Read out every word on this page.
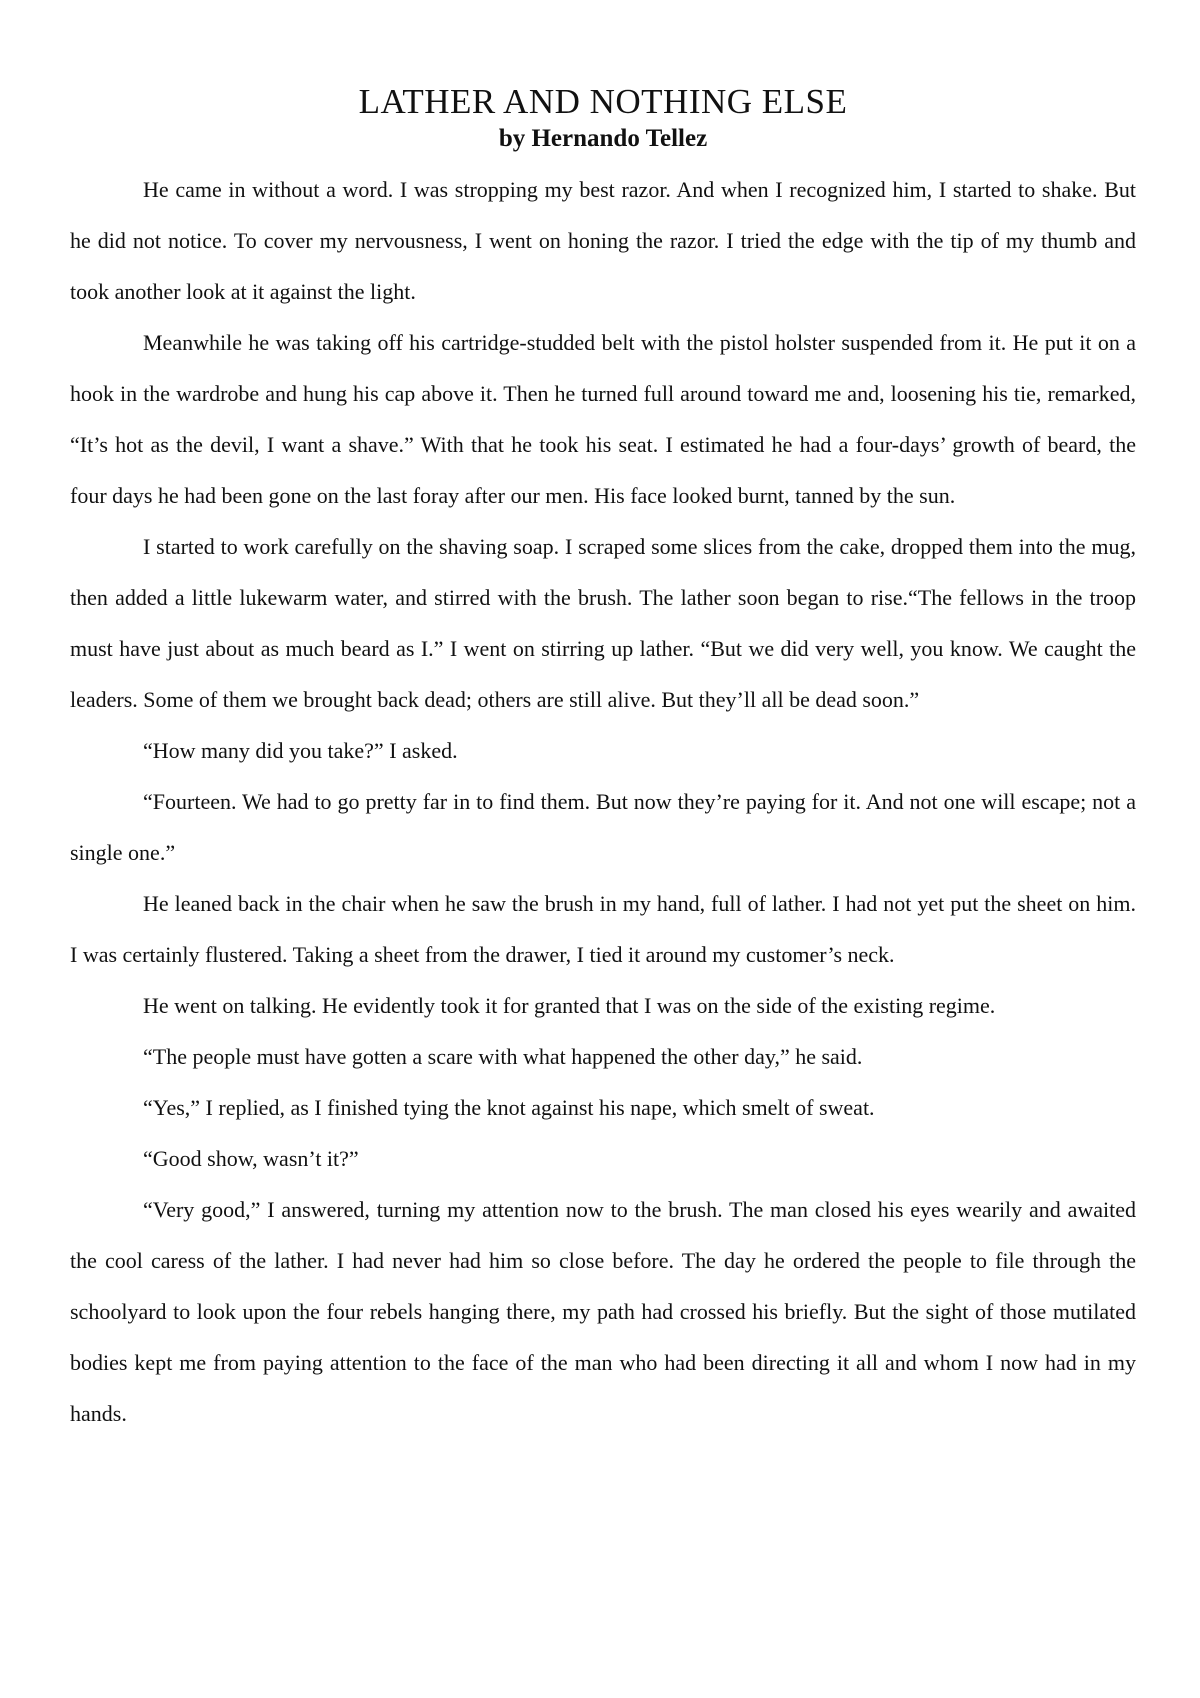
LATHER AND NOTHING ELSE
by Hernando Tellez

He came in without a word. I was stropping my best razor. And when I recognized him, I started to shake. But he did not notice. To cover my nervousness, I went on honing the razor. I tried the edge with the tip of my thumb and took another look at it against the light.

Meanwhile he was taking off his cartridge-studded belt with the pistol holster suspended from it. He put it on a hook in the wardrobe and hung his cap above it. Then he turned full around toward me and, loosening his tie, remarked, “It’s hot as the devil, I want a shave.” With that he took his seat. I estimated he had a four-days’ growth of beard, the four days he had been gone on the last foray after our men. His face looked burnt, tanned by the sun.

I started to work carefully on the shaving soap. I scraped some slices from the cake, dropped them into the mug, then added a little lukewarm water, and stirred with the brush. The lather soon began to rise.“The fellows in the troop must have just about as much beard as I.” I went on stirring up lather. “But we did very well, you know. We caught the leaders. Some of them we brought back dead; others are still alive. But they’ll all be dead soon.”

“How many did you take?” I asked.

“Fourteen. We had to go pretty far in to find them. But now they’re paying for it. And not one will escape; not a single one.”

He leaned back in the chair when he saw the brush in my hand, full of lather. I had not yet put the sheet on him. I was certainly flustered. Taking a sheet from the drawer, I tied it around my customer’s neck.

He went on talking. He evidently took it for granted that I was on the side of the existing regime.

“The people must have gotten a scare with what happened the other day,” he said.

“Yes,” I replied, as I finished tying the knot against his nape, which smelt of sweat.

“Good show, wasn’t it?”

“Very good,” I answered, turning my attention now to the brush. The man closed his eyes wearily and awaited the cool caress of the lather. I had never had him so close before. The day he ordered the people to file through the schoolyard to look upon the four rebels hanging there, my path had crossed his briefly. But the sight of those mutilated bodies kept me from paying attention to the face of the man who had been directing it all and whom I now had in my hands.
